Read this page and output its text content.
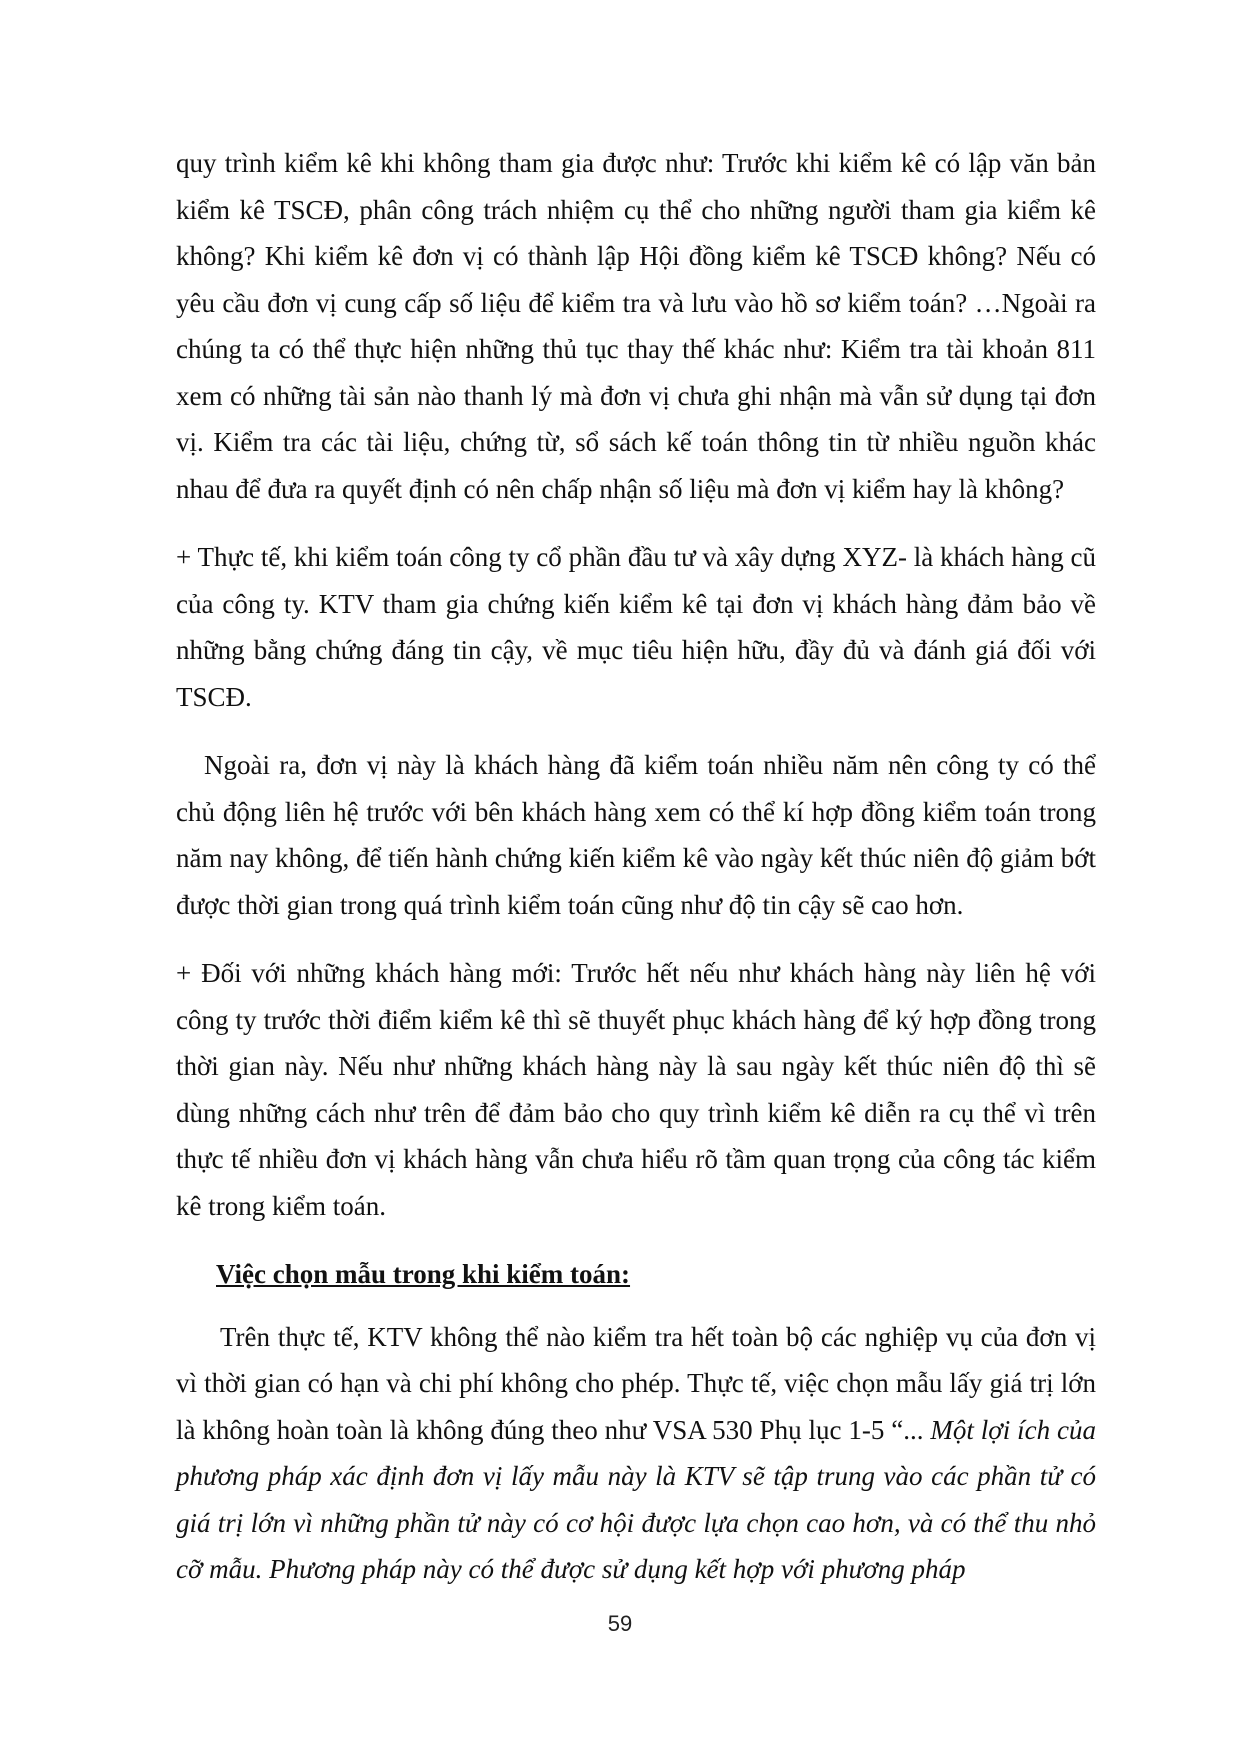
quy trình kiểm kê khi không tham gia được như: Trước khi kiểm kê có lập văn bản kiểm kê TSCĐ, phân công trách nhiệm cụ thể cho những người tham gia kiểm kê không? Khi kiểm kê đơn vị có thành lập Hội đồng kiểm kê TSCĐ không? Nếu có yêu cầu đơn vị cung cấp số liệu để kiểm tra và lưu vào hồ sơ kiểm toán? …Ngoài ra chúng ta có thể thực hiện những thủ tục thay thế khác như: Kiểm tra tài khoản 811 xem có những tài sản nào thanh lý mà đơn vị chưa ghi nhận mà vẫn sử dụng tại đơn vị. Kiểm tra các tài liệu, chứng từ, sổ sách kế toán thông tin từ nhiều nguồn khác nhau để đưa ra quyết định có nên chấp nhận số liệu mà đơn vị kiểm hay là không?

+ Thực tế, khi kiểm toán công ty cổ phần đầu tư và xây dựng XYZ- là khách hàng cũ của công ty. KTV tham gia chứng kiến kiểm kê tại đơn vị khách hàng đảm bảo về những bằng chứng đáng tin cậy, về mục tiêu hiện hữu, đầy đủ và đánh giá đối với TSCĐ.

Ngoài ra, đơn vị này là khách hàng đã kiểm toán nhiều năm nên công ty có thể chủ động liên hệ trước với bên khách hàng xem có thể kí hợp đồng kiểm toán trong năm nay không, để tiến hành chứng kiến kiểm kê vào ngày kết thúc niên độ giảm bớt được thời gian trong quá trình kiểm toán cũng như độ tin cậy sẽ cao hơn.

+ Đối với những khách hàng mới: Trước hết nếu như khách hàng này liên hệ với công ty trước thời điểm kiểm kê thì sẽ thuyết phục khách hàng để ký hợp đồng trong thời gian này. Nếu như những khách hàng này là sau ngày kết thúc niên độ thì sẽ dùng những cách như trên để đảm bảo cho quy trình kiểm kê diễn ra cụ thể vì trên thực tế nhiều đơn vị khách hàng vẫn chưa hiểu rõ tầm quan trọng của công tác kiểm kê trong kiểm toán.

Việc chọn mẫu trong khi kiểm toán:

Trên thực tế, KTV không thể nào kiểm tra hết toàn bộ các nghiệp vụ của đơn vị vì thời gian có hạn và chi phí không cho phép. Thực tế, việc chọn mẫu lấy giá trị lớn là không hoàn toàn là không đúng theo như VSA 530 Phụ lục 1-5 “... Một lợi ích của phương pháp xác định đơn vị lấy mẫu này là KTV sẽ tập trung vào các phần tử có giá trị lớn vì những phần tử này có cơ hội được lựa chọn cao hơn, và có thể thu nhỏ cỡ mẫu. Phương pháp này có thể được sử dụng kết hợp với phương pháp

59
